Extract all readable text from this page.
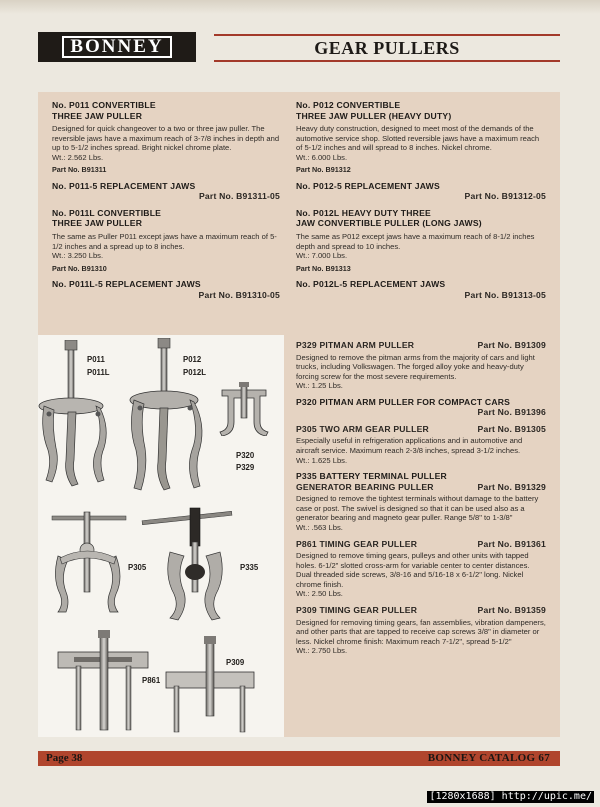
BONNEY	GEAR PULLERS
No. P011 CONVERTIBLE
THREE JAW PULLER
Designed for quick changeover to a two or three jaw puller. The reversible jaws have a maximum reach of 3-7/8 inches in depth and up to 5-1/2 inches spread. Bright nickel chrome plate.
Wt.: 2.562 Lbs.
Part No. B91311
No. P011-5 REPLACEMENT JAWS
Part No. B91311-05
No. P011L CONVERTIBLE
THREE JAW PULLER
The same as Puller P011 except jaws have a maximum reach of 5-1/2 inches and a spread up to 8 inches.
Wt.: 3.250 Lbs.
Part No. B91310
No. P011L-5 REPLACEMENT JAWS
Part No. B91310-05
No. P012 CONVERTIBLE
THREE JAW PULLER (HEAVY DUTY)
Heavy duty construction, designed to meet most of the demands of the automotive service shop. Slotted reversible jaws have a maximum reach of 5-1/2 inches and will spread to 8 inches. Nickel chrome.
Wt.: 6.000 Lbs.
Part No. B91312
No. P012-5 REPLACEMENT JAWS
Part No. B91312-05
No. P012L HEAVY DUTY THREE
JAW CONVERTIBLE PULLER (LONG JAWS)
The same as P012 except jaws have a maximum reach of 8-1/2 inches depth and spread to 10 inches.
Wt.: 7.000 Lbs.
Part No. B91313
No. P012L-5 REPLACEMENT JAWS
Part No. B91313-05
P329 PITMAN ARM PULLER	Part No. B91309
Designed to remove the pitman arms from the majority of cars and light trucks, including Volkswagen. The forged alloy yoke and heavy-duty forcing screw for the most severe requirements.
Wt.: 1.25 Lbs.
P320 PITMAN ARM PULLER FOR COMPACT CARS
Part No. B91396
P305 TWO ARM GEAR PULLER	Part No. B91305
Especially useful in refrigeration applications and in automotive and aircraft service. Maximum reach 2-3/8 inches, spread 3-1/2 inches.
Wt.: 1.625 Lbs.
P335 BATTERY TERMINAL PULLER
GENERATOR BEARING PULLER	Part No. B91329
Designed to remove the tightest terminals without damage to the battery case or post. The swivel is designed so that it can be used also as a generator bearing and magneto gear puller. Range 5/8" to 1-3/8"
Wt.: .563 Lbs.
P861 TIMING GEAR PULLER	Part No. B91361
Designed to remove timing gears, pulleys and other units with tapped holes. 6-1/2" slotted cross-arm for variable center to center distances. Dual threaded side screws, 3/8-16 and 5/16-18 x 6-1/2" long. Nickel chrome finish.
Wt.: 2.50 Lbs.
P309 TIMING GEAR PULLER	Part No. B91359
Designed for removing timing gears, fan assemblies, vibration dampeners, and other parts that are tapped to receive cap screws 3/8" in diameter or less. Nickel chrome finish: Maximum reach 7-1/2", spread 5-1/2"
Wt.: 2.750 Lbs.
P011
P011L
P012
P012L
P320
P329
P305	P335
P861
P309
Page 38	BONNEY CATALOG 67
[1280x1688] http://upic.me/
